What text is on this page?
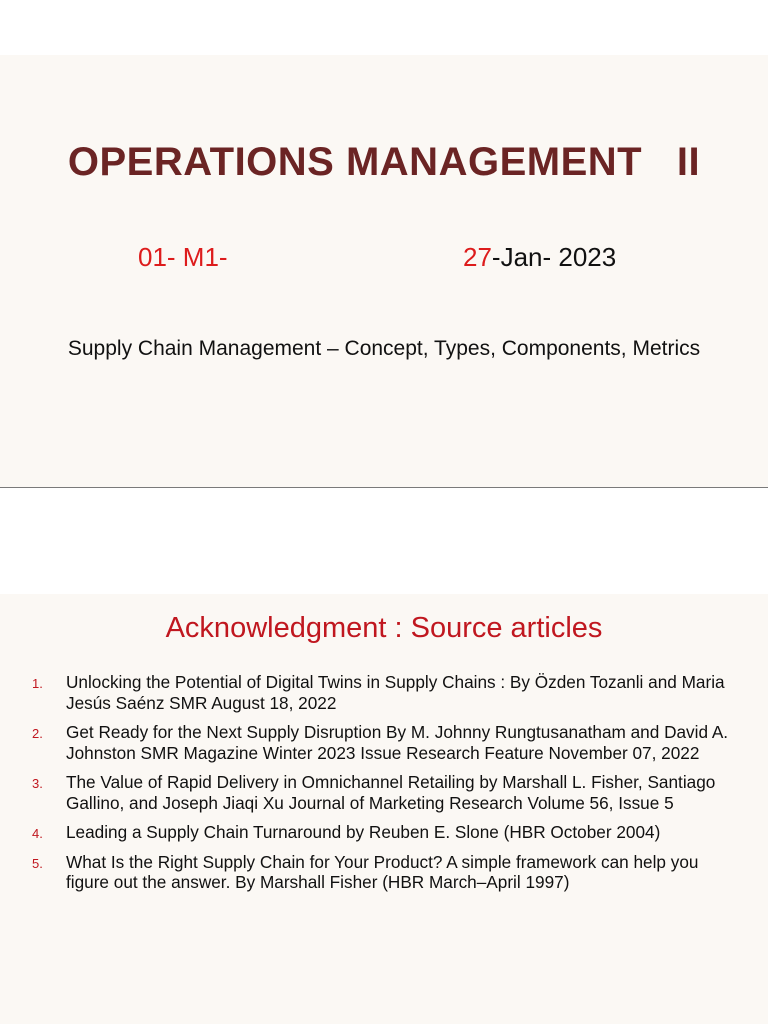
OPERATIONS MANAGEMENT   II
01- M1-	27-Jan- 2023
Supply Chain Management – Concept, Types, Components, Metrics
Acknowledgment : Source articles
1. Unlocking the Potential of Digital Twins in Supply Chains : By Özden Tozanli and Maria Jesús Saénz SMR August 18, 2022
2. Get Ready for the Next Supply Disruption By M. Johnny Rungtusanatham and David A. Johnston SMR Magazine Winter 2023 Issue Research Feature November 07, 2022
3. The Value of Rapid Delivery in Omnichannel Retailing by Marshall L. Fisher, Santiago Gallino, and Joseph Jiaqi Xu Journal of Marketing Research Volume 56, Issue 5
4. Leading a Supply Chain Turnaround by Reuben E. Slone (HBR October 2004)
5. What Is the Right Supply Chain for Your Product? A simple framework can help you figure out the answer. By Marshall Fisher (HBR March–April 1997)
